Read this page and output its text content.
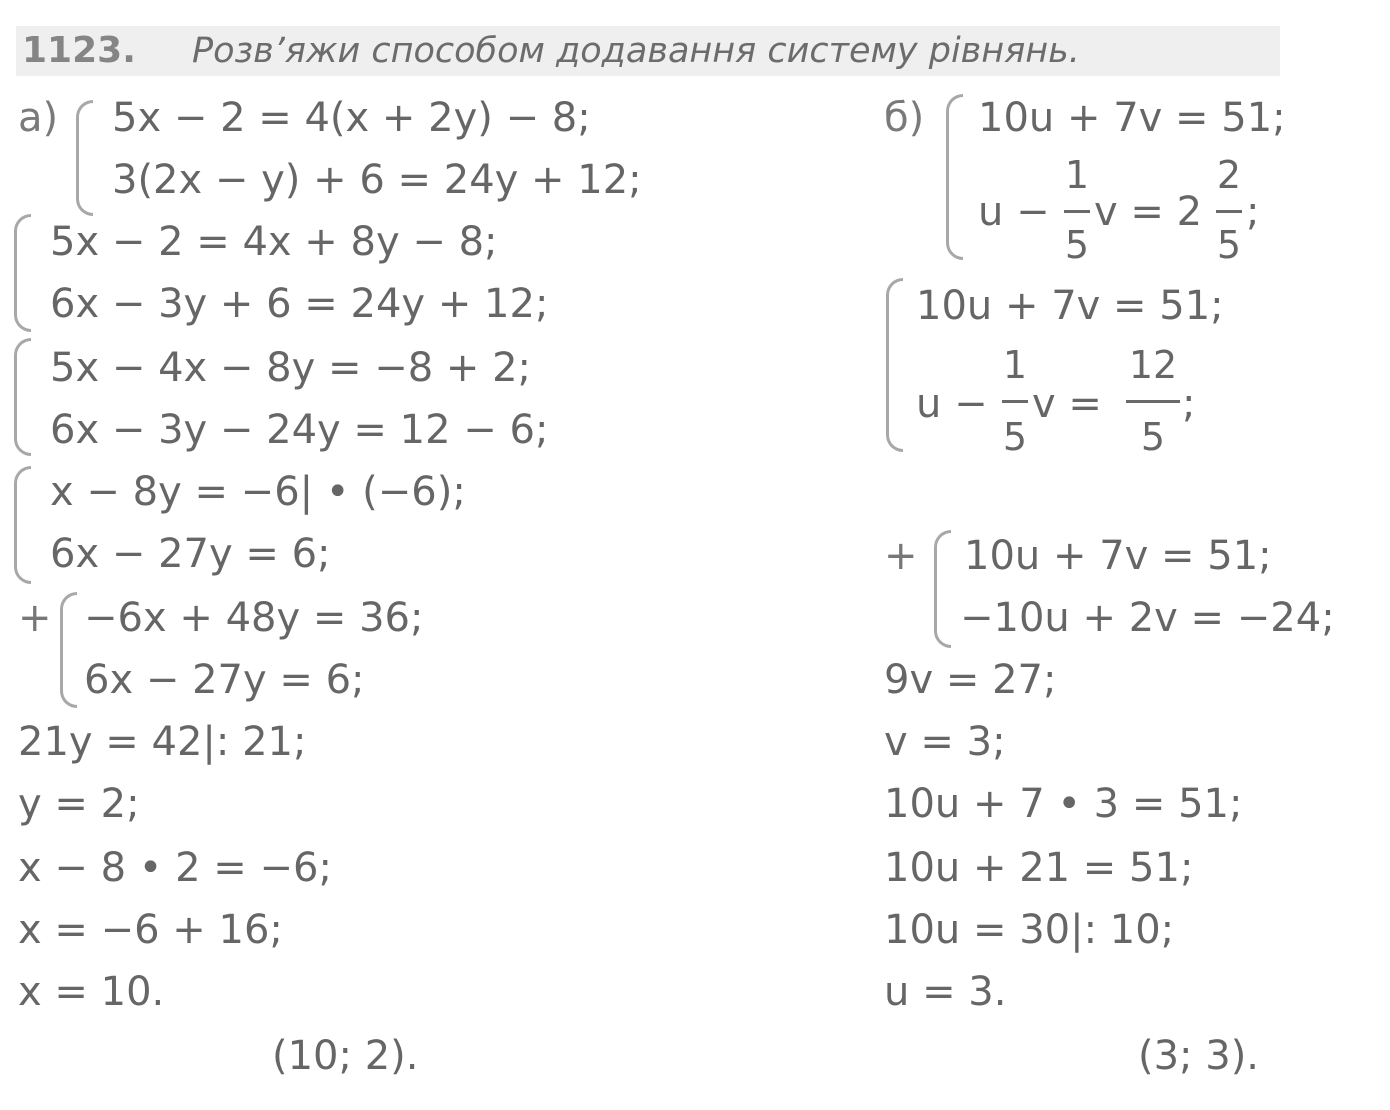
1123. Розв’яжи способом додавання систему рівнянь.
а) 5x − 2 = 4(x + 2y) − 8;
3(2x − y) + 6 = 24y + 12;
5x − 2 = 4x + 8y − 8;
6x − 3y + 6 = 24y + 12;
5x − 4x − 8y = −8 + 2;
6x − 3y − 24y = 12 − 6;
x − 8y = −6| • (−6);
6x − 27y = 6;
+ −6x + 48y = 36;
6x − 27y = 6;
21y = 42|: 21;
y = 2;
x − 8 • 2 = −6;
x = −6 + 16;
x = 10.
(10; 2).
б) 10u + 7v = 51;
u −
1
5
v = 2
2
5
;
10u + 7v = 51;
u −
1
5
v =
12
5
;
+ 10u + 7v = 51;
−10u + 2v = −24;
9v = 27;
v = 3;
10u + 7 • 3 = 51;
10u + 21 = 51;
10u = 30|: 10;
u = 3.
(3; 3).
